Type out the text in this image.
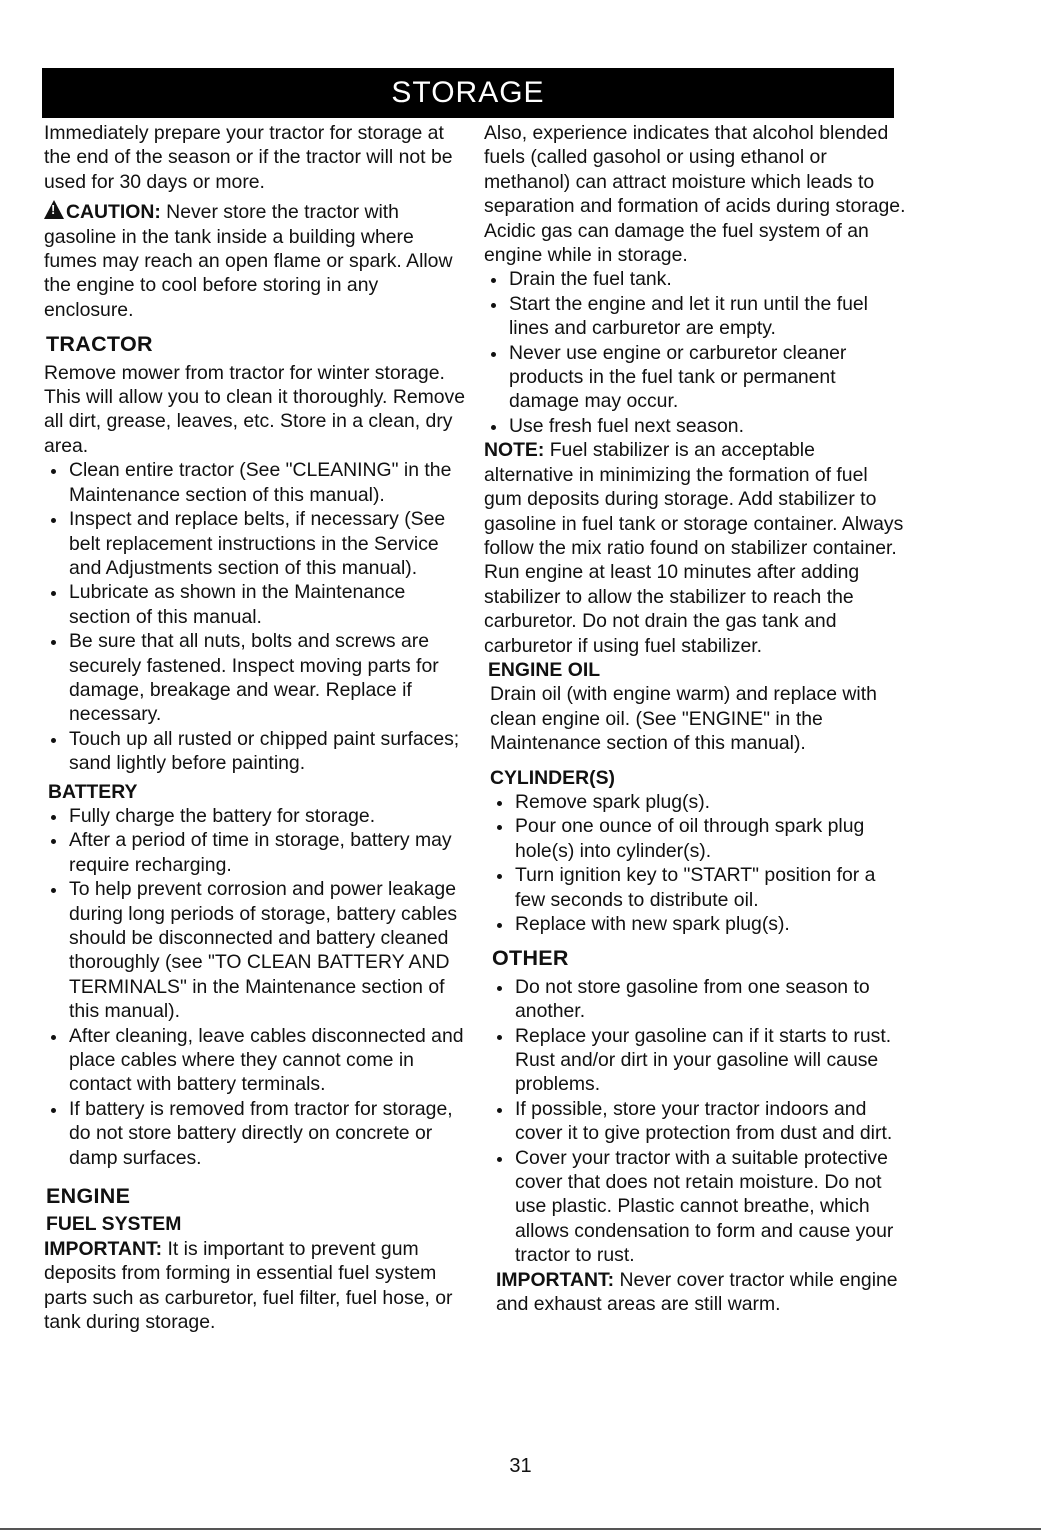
STORAGE

Immediately prepare your tractor for storage at the end of the season or if the tractor will not be used for 30 days or more.

! CAUTION: Never store the tractor with gasoline in the tank inside a building where fumes may reach an open flame or spark. Allow the engine to cool before storing in any enclosure.

TRACTOR

Remove mower from tractor for winter storage. This will allow you to clean it thoroughly. Remove all dirt, grease, leaves, etc. Store in a clean, dry area.

Clean entire tractor (See "CLEANING" in the Maintenance section of this manual).
Inspect and replace belts, if necessary (See belt replacement instructions in the Service and Adjustments section of this manual).
Lubricate as shown in the Maintenance section of this manual.
Be sure that all nuts, bolts and screws are securely fastened. Inspect moving parts for damage, breakage and wear. Replace if necessary.
Touch up all rusted or chipped paint surfaces; sand lightly before painting.
BATTERY
Fully charge the battery for storage.
After a period of time in storage, battery may require recharging.
To help prevent corrosion and power leakage during long periods of storage, battery cables should be disconnected and battery cleaned thoroughly (see "TO CLEAN BATTERY AND TERMINALS" in the Maintenance section of this manual).
After cleaning, leave cables disconnected and place cables where they cannot come in contact with battery terminals.
If battery is removed from tractor for storage, do not store battery directly on concrete or damp surfaces.
ENGINE
FUEL SYSTEM

IMPORTANT: It is important to prevent gum deposits from forming in essential fuel system parts such as carburetor, fuel filter, fuel hose, or tank during storage.

Also, experience indicates that alcohol blended fuels (called gasohol or using ethanol or methanol) can attract moisture which leads to separation and formation of acids during storage. Acidic gas can damage the fuel system of an engine while in storage.

Drain the fuel tank.
Start the engine and let it run until the fuel lines and carburetor are empty.
Never use engine or carburetor cleaner products in the fuel tank or permanent damage may occur.
Use fresh fuel next season.

NOTE: Fuel stabilizer is an acceptable alternative in minimizing the formation of fuel gum deposits during storage. Add stabilizer to gasoline in fuel tank or storage container. Always follow the mix ratio found on stabilizer container. Run engine at least 10 minutes after adding stabilizer to allow the stabilizer to reach the carburetor. Do not drain the gas tank and carburetor if using fuel stabilizer.

ENGINE OIL

Drain oil (with engine warm) and replace with clean engine oil. (See "ENGINE" in the Maintenance section of this manual).

CYLINDER(S)
Remove spark plug(s).
Pour one ounce of oil through spark plug hole(s) into cylinder(s).
Turn ignition key to "START" position for a few seconds to distribute oil.
Replace with new spark plug(s).
OTHER
Do not store gasoline from one season to another.
Replace your gasoline can if it starts to rust. Rust and/or dirt in your gasoline will cause problems.
If possible, store your tractor indoors and cover it to give protection from dust and dirt.
Cover your tractor with a suitable protective cover that does not retain moisture. Do not use plastic. Plastic cannot breathe, which allows condensation to form and cause your tractor to rust.

IMPORTANT: Never cover tractor while engine and exhaust areas are still warm.

31
